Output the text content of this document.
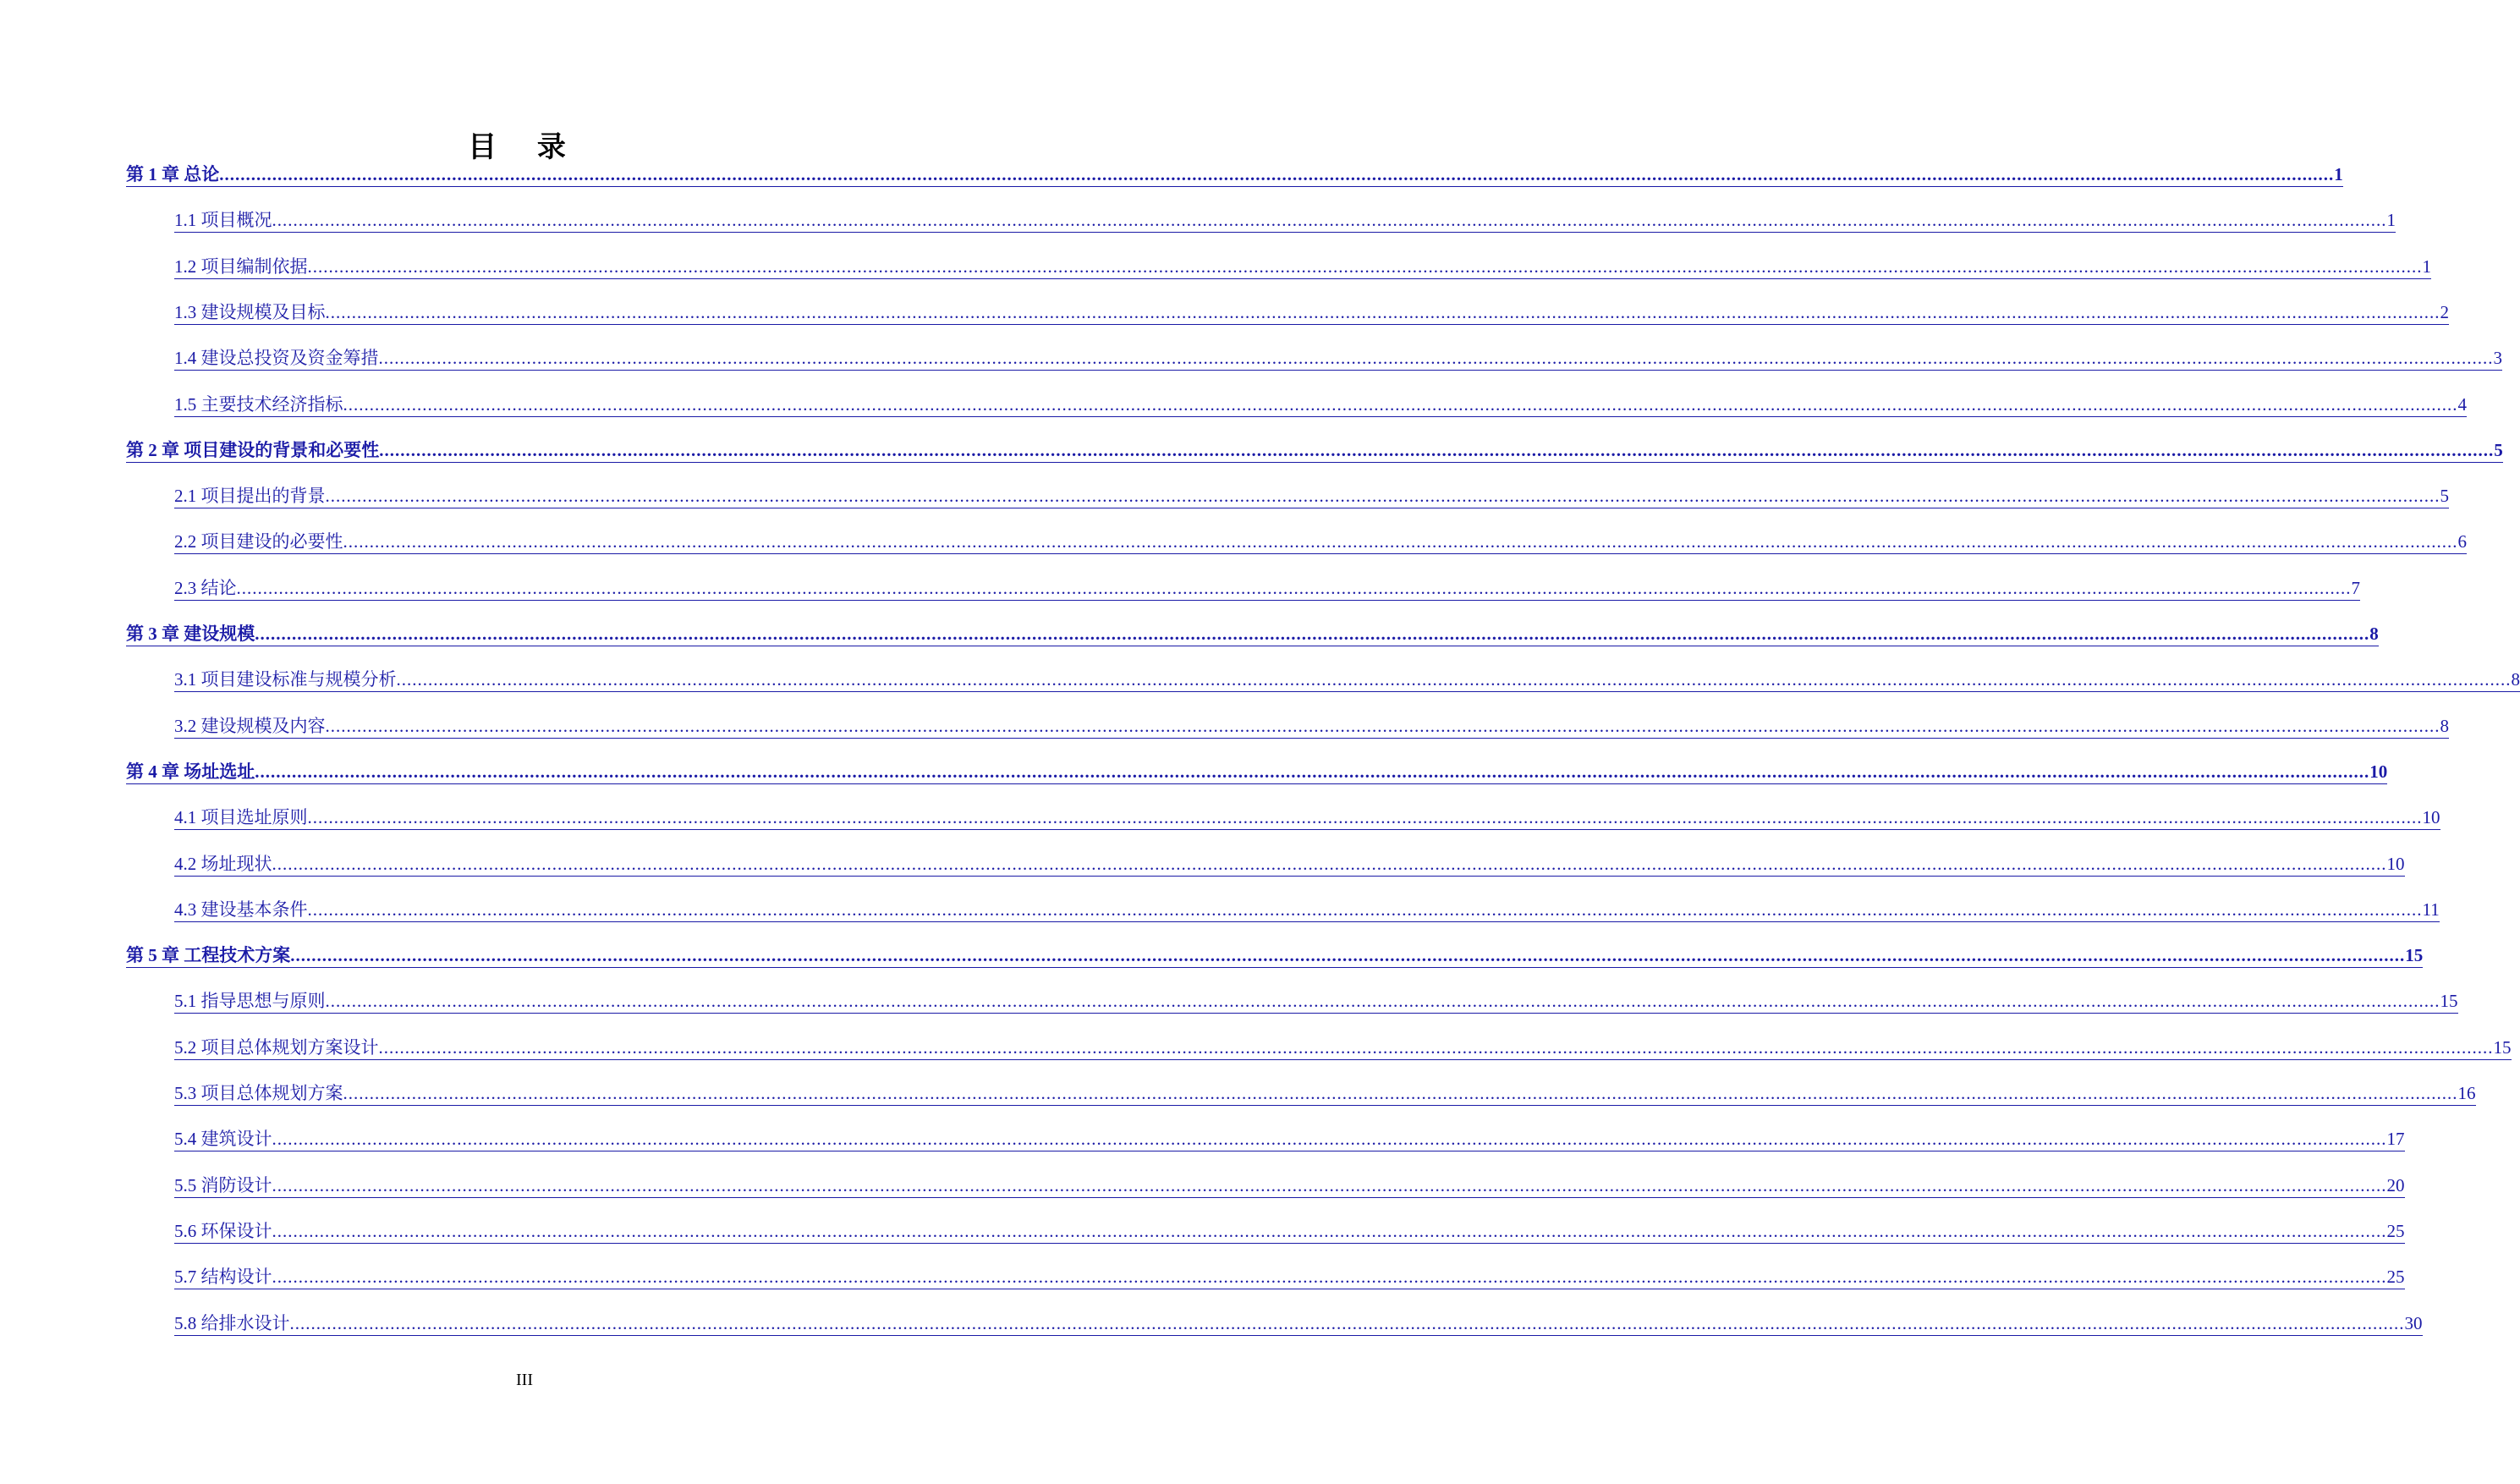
目 录
第 1 章 总论 ................................................................................................................................................................................................................................................................................................................................................................................................................ 1
1.1 项目概况 ................................................................................................................................................................................................................................................................................................................................................................................................................ 1
1.2 项目编制依据 ................................................................................................................................................................................................................................................................................................................................................................................................................ 1
1.3 建设规模及目标 ................................................................................................................................................................................................................................................................................................................................................................................................................ 2
1.4 建设总投资及资金筹措 ................................................................................................................................................................................................................................................................................................................................................................................................................ 3
1.5 主要技术经济指标 ................................................................................................................................................................................................................................................................................................................................................................................................................ 4
第 2 章 项目建设的背景和必要性 ................................................................................................................................................................................................................................................................................................................................................................................................................ 5
2.1 项目提出的背景 ................................................................................................................................................................................................................................................................................................................................................................................................................ 5
2.2 项目建设的必要性 ................................................................................................................................................................................................................................................................................................................................................................................................................ 6
2.3 结论 ................................................................................................................................................................................................................................................................................................................................................................................................................ 7
第 3 章 建设规模 ................................................................................................................................................................................................................................................................................................................................................................................................................ 8
3.1 项目建设标准与规模分析 ................................................................................................................................................................................................................................................................................................................................................................................................................ 8
3.2 建设规模及内容 ................................................................................................................................................................................................................................................................................................................................................................................................................ 8
第 4 章 场址选址 ................................................................................................................................................................................................................................................................................................................................................................................................................ 10
4.1 项目选址原则 ................................................................................................................................................................................................................................................................................................................................................................................................................ 10
4.2 场址现状 ................................................................................................................................................................................................................................................................................................................................................................................................................ 10
4.3 建设基本条件 ................................................................................................................................................................................................................................................................................................................................................................................................................ 11
第 5 章 工程技术方案 ................................................................................................................................................................................................................................................................................................................................................................................................................ 15
5.1 指导思想与原则 ................................................................................................................................................................................................................................................................................................................................................................................................................ 15
5.2 项目总体规划方案设计 ................................................................................................................................................................................................................................................................................................................................................................................................................ 15
5.3 项目总体规划方案 ................................................................................................................................................................................................................................................................................................................................................................................................................ 16
5.4 建筑设计 ................................................................................................................................................................................................................................................................................................................................................................................................................ 17
5.5 消防设计 ................................................................................................................................................................................................................................................................................................................................................................................................................ 20
5.6 环保设计 ................................................................................................................................................................................................................................................................................................................................................................................................................ 25
5.7 结构设计 ................................................................................................................................................................................................................................................................................................................................................................................................................ 25
5.8 给排水设计 ................................................................................................................................................................................................................................................................................................................................................................................................................ 30
III
